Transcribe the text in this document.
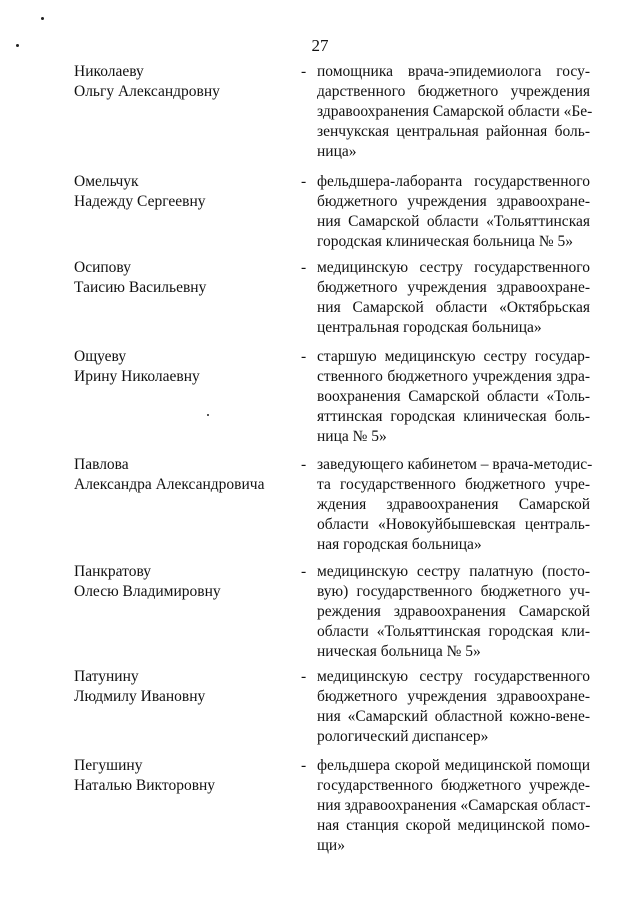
27
Николаеву
Ольгу Александровну
- помощника врача-эпидемиолога госу-
дарственного бюджетного учреждения
здравоохранения Самарской области «Бе-
зенчукская центральная районная боль-
ница»
Омельчук
Надежду Сергеевну
- фельдшера-лаборанта государственного
бюджетного учреждения здравоохране-
ния Самарской области «Тольяттинская
городская клиническая больница № 5»
Осипову
Таисию Васильевну
- медицинскую сестру государственного
бюджетного учреждения здравоохране-
ния Самарской области «Октябрьская
центральная городская больница»
Ощуеву
Ирину Николаевну
- старшую медицинскую сестру государ-
ственного бюджетного учреждения здра-
воохранения Самарской области «Толь-
яттинская городская клиническая боль-
ница № 5»
Павлова
Александра Александровича
- заведующего кабинетом – врача-методис-
та государственного бюджетного учре-
ждения здравоохранения Самарской
области «Новокуйбышевская централь-
ная городская больница»
Панкратову
Олесю Владимировну
- медицинскую сестру палатную (посто-
вую) государственного бюджетного уч-
реждения здравоохранения Самарской
области «Тольяттинская городская кли-
ническая больница № 5»
Патунину
Людмилу Ивановну
- медицинскую сестру государственного
бюджетного учреждения здравоохране-
ния «Самарский областной кожно-вене-
рологический диспансер»
Пегушину
Наталью Викторовну
- фельдшера скорой медицинской помощи
государственного бюджетного учрежде-
ния здравоохранения «Самарская област-
ная станция скорой медицинской помо-
щи»
